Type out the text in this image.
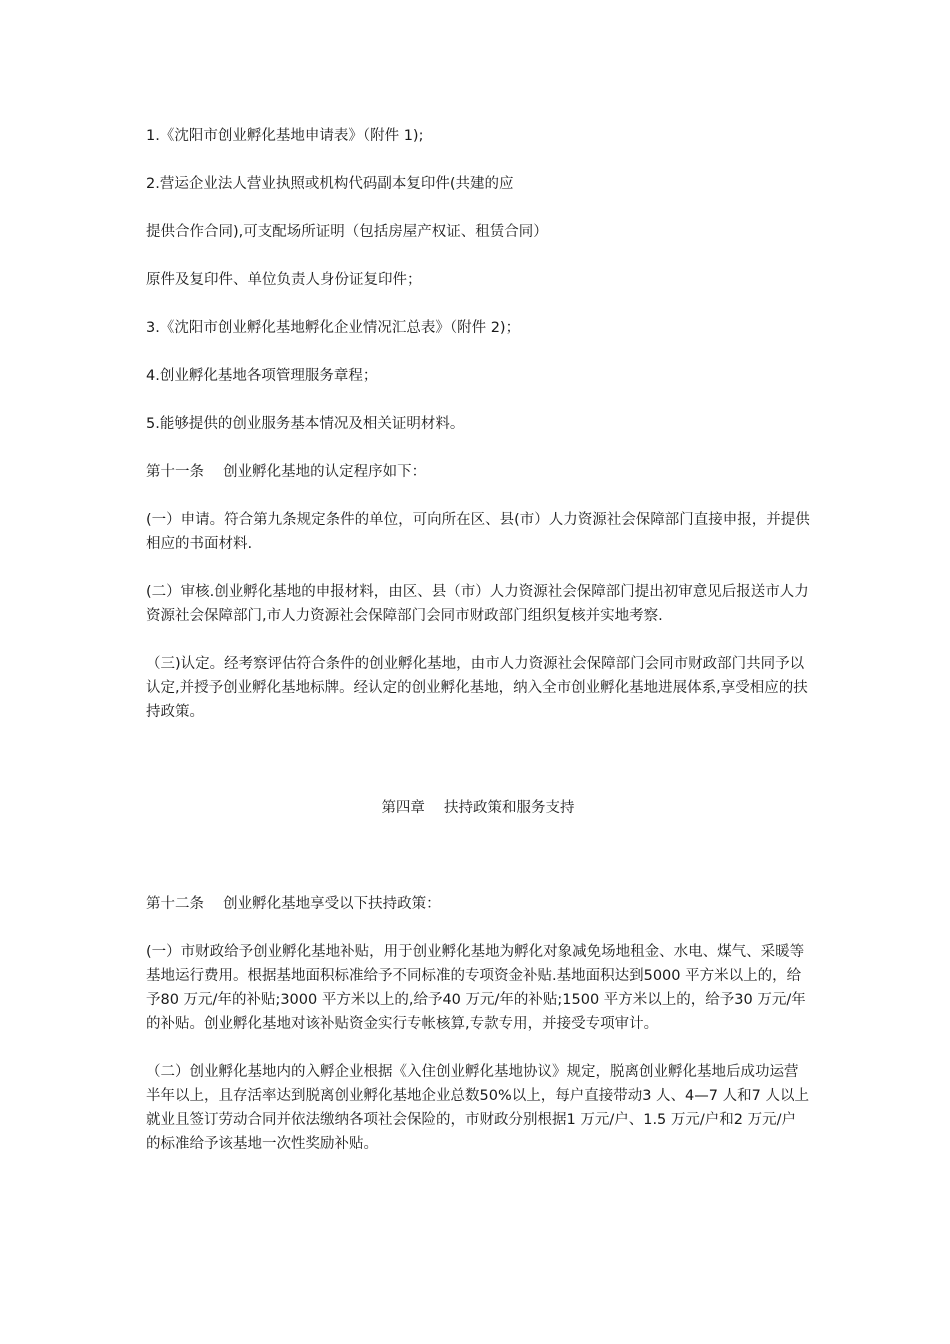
1.《沈阳市创业孵化基地申请表》（附件 1);

2.营运企业法人营业执照或机构代码副本复印件(共建的应

提供合作合同),可支配场所证明（包括房屋产权证、租赁合同）

原件及复印件、单位负责人身份证复印件；

3.《沈阳市创业孵化基地孵化企业情况汇总表》（附件 2)；

4.创业孵化基地各项管理服务章程；

5.能够提供的创业服务基本情况及相关证明材料。

第十一条　 创业孵化基地的认定程序如下：

(一）申请。符合第九条规定条件的单位，可向所在区、县(市）人力资源社会保障部门直接申报，并提供相应的书面材料.

(二）审核.创业孵化基地的申报材料，由区、县（市）人力资源社会保障部门提出初审意见后报送市人力资源社会保障部门,市人力资源社会保障部门会同市财政部门组织复核并实地考察.

（三)认定。经考察评估符合条件的创业孵化基地，由市人力资源社会保障部门会同市财政部门共同予以认定,并授予创业孵化基地标牌。经认定的创业孵化基地，纳入全市创业孵化基地进展体系,享受相应的扶持政策。

第四章　 扶持政策和服务支持

第十二条　 创业孵化基地享受以下扶持政策：

(一）市财政给予创业孵化基地补贴，用于创业孵化基地为孵化对象减免场地租金、水电、煤气、采暖等基地运行费用。根据基地面积标准给予不同标准的专项资金补贴.基地面积达到5000 平方米以上的，给予80 万元/年的补贴;3000 平方米以上的,给予40 万元/年的补贴;1500 平方米以上的，给予30 万元/年的补贴。创业孵化基地对该补贴资金实行专帐核算,专款专用，并接受专项审计。

（二）创业孵化基地内的入孵企业根据《入住创业孵化基地协议》规定，脱离创业孵化基地后成功运营半年以上，且存活率达到脱离创业孵化基地企业总数50%以上，每户直接带动3 人、4—7 人和7 人以上就业且签订劳动合同并依法缴纳各项社会保险的，市财政分别根据1 万元/户、1.5 万元/户和2 万元/户的标准给予该基地一次性奖励补贴。
